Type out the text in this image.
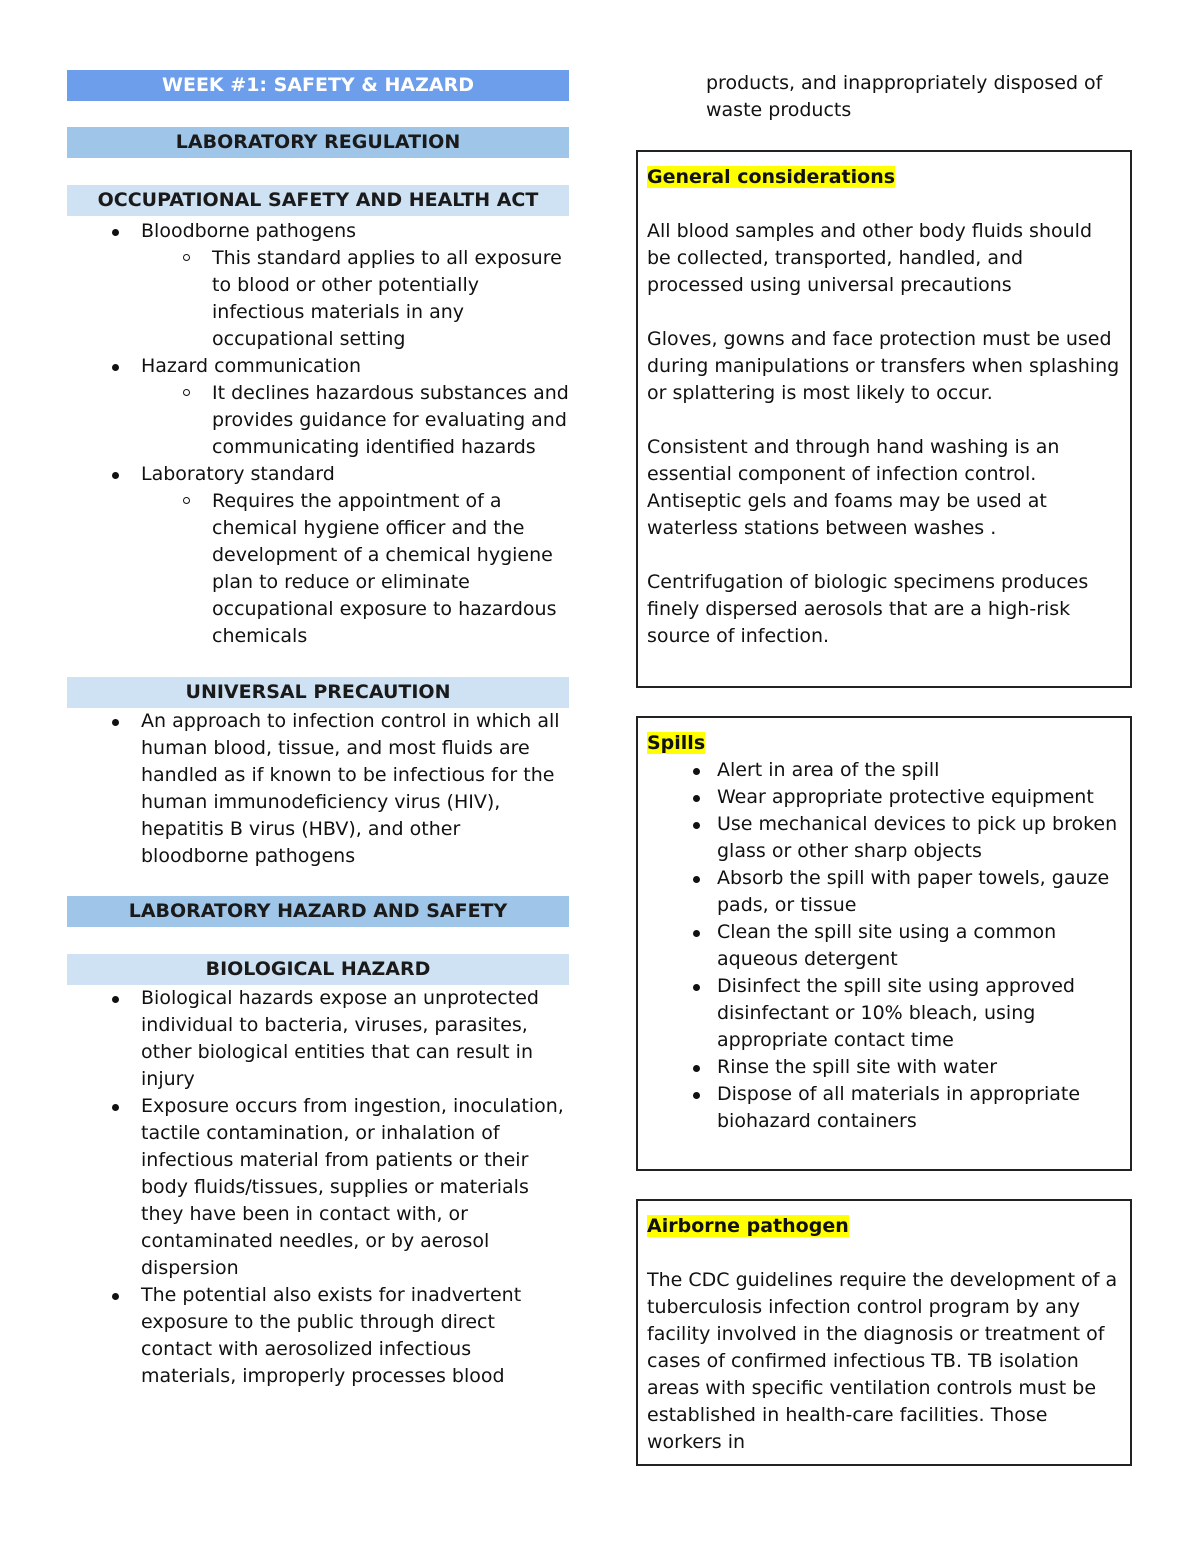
WEEK #1: SAFETY & HAZARD
LABORATORY REGULATION
OCCUPATIONAL SAFETY AND HEALTH ACT
Bloodborne pathogens
This standard applies to all exposure to blood or other potentially infectious materials in any occupational setting
Hazard communication
It declines hazardous substances and provides guidance for evaluating and communicating identified hazards
Laboratory standard
Requires the appointment of a chemical hygiene officer and the development of a chemical hygiene plan to reduce or eliminate occupational exposure to hazardous chemicals
UNIVERSAL PRECAUTION
An approach to infection control in which all human blood, tissue, and most fluids are handled as if known to be infectious for the human immunodeficiency virus (HIV), hepatitis B virus (HBV), and other bloodborne pathogens
LABORATORY HAZARD AND SAFETY
BIOLOGICAL HAZARD
Biological hazards expose an unprotected individual to bacteria, viruses, parasites, other biological entities that can result in injury
Exposure occurs from ingestion, inoculation, tactile contamination, or inhalation of infectious material from patients or their body fluids/tissues, supplies or materials they have been in contact with, or contaminated needles, or by aerosol dispersion
The potential also exists for inadvertent exposure to the public through direct contact with aerosolized infectious materials, improperly processes blood
products, and inappropriately disposed of waste products

General considerations

All blood samples and other body fluids should be collected, transported, handled, and processed using universal precautions

Gloves, gowns and face protection must be used during manipulations or transfers when splashing or splattering is most likely to occur.

Consistent and through hand washing is an essential component of infection control. Antiseptic gels and foams may be used at waterless stations between washes .

Centrifugation of biologic specimens produces finely dispersed aerosols that are a high-risk source of infection.

Spills

Alert in area of the spill
Wear appropriate protective equipment
Use mechanical devices to pick up broken glass or other sharp objects
Absorb the spill with paper towels, gauze pads, or tissue
Clean the spill site using a common aqueous detergent
Disinfect the spill site using approved disinfectant or 10% bleach, using appropriate contact time
Rinse the spill site with water
Dispose of all materials in appropriate biohazard containers

Airborne pathogen

The CDC guidelines require the development of a tuberculosis infection control program by any facility involved in the diagnosis or treatment of cases of confirmed infectious TB. TB isolation areas with specific ventilation controls must be established in health-care facilities. Those workers in
